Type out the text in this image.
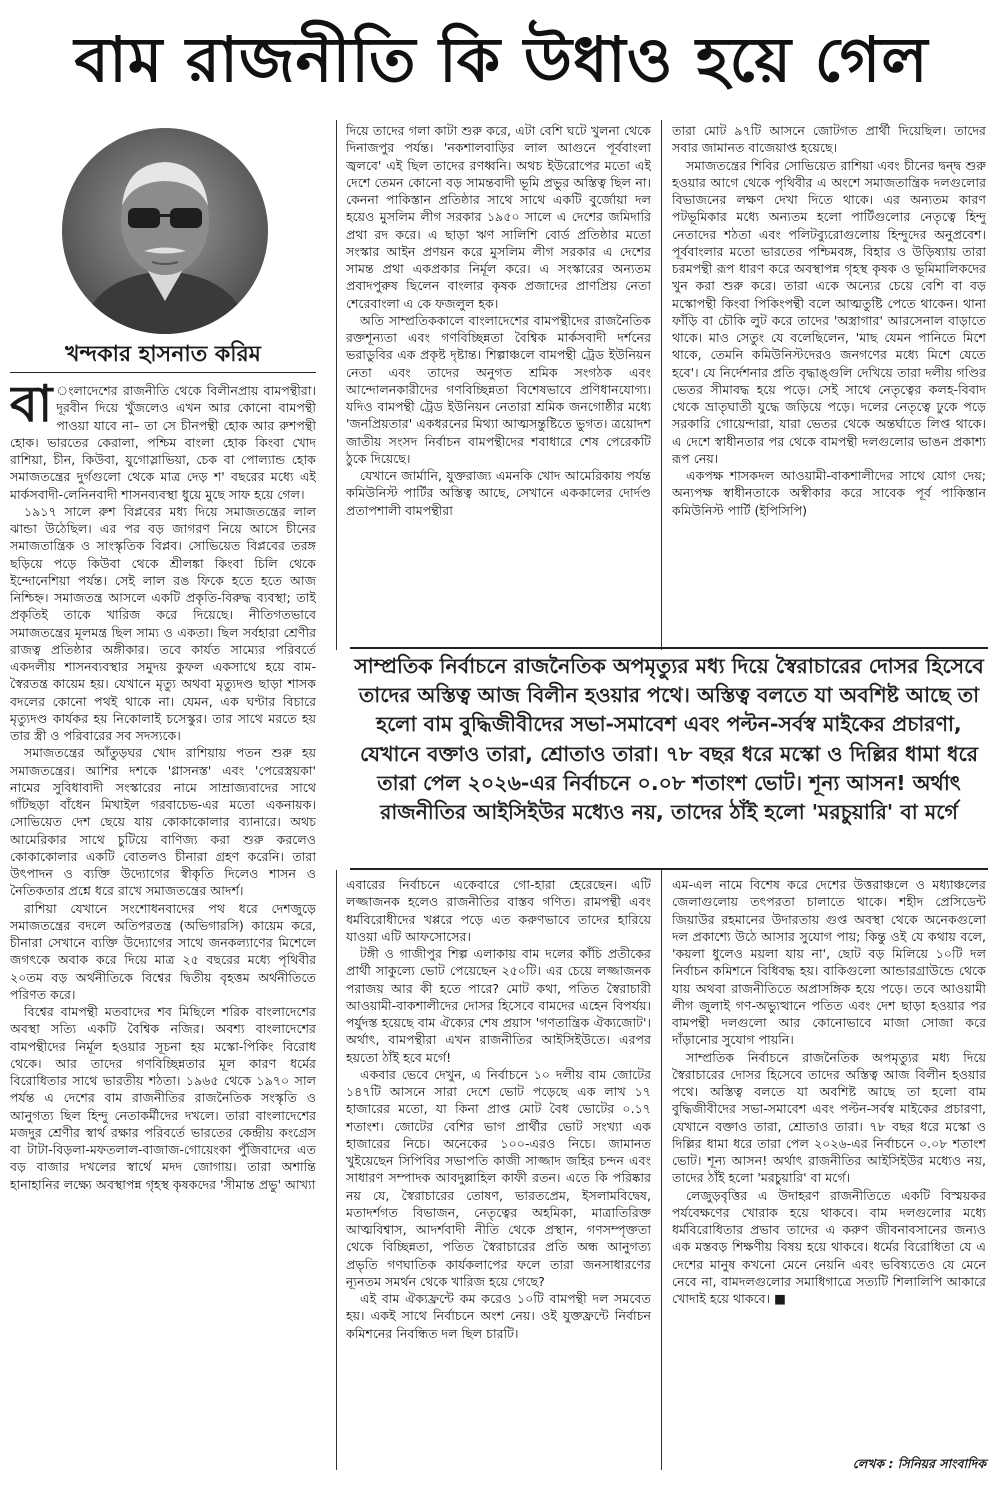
বাম রাজনীতি কি উধাও হয়ে গেল

খন্দকার হাসনাত করিম

বা ংলাদেশের রাজনীতি থেকে বিলীনপ্রায় বামপন্থীরা। দূরবীন দিয়ে খুঁজলেও এখন আর কোনো বামপন্থী পাওয়া যাবে না– তা সে চীনপন্থী হোক আর রুশপন্থী হোক। ভারতের কেরালা, পশ্চিম বাংলা হোক কিংবা খোদ রাশিয়া, চীন, কিউবা, যুগোস্লাভিয়া, চেক বা পোল্যান্ড হোক সমাজতন্ত্রের দুর্গগুলো থেকে মাত্র দেড় শ' বছরের মধ্যে এই মার্কসবাদী-লেনিনবাদী শাসনব্যবস্থা ধুয়ে মুছে সাফ হয়ে গেল।

১৯১৭ সালে রুশ বিপ্লবের মধ্য দিয়ে সমাজতন্ত্রের লাল ঝান্ডা উঠেছিল। এর পর বড় জাগরণ নিয়ে আসে চীনের সমাজতান্ত্রিক ও সাংস্কৃতিক বিপ্লব। সোভিয়েত বিপ্লবের তরঙ্গ ছড়িয়ে পড়ে কিউবা থেকে শ্রীলঙ্কা কিংবা চিলি থেকে ইন্দোনেশিয়া পর্যন্ত। সেই লাল রঙ ফিকে হতে হতে আজ নিশ্চিহ্ন। সমাজতন্ত্র আসলে একটি প্রকৃতি-বিরুদ্ধ ব্যবস্থা; তাই প্রকৃতিই তাকে খারিজ করে দিয়েছে। নীতিগতভাবে সমাজতন্ত্রের মূলমন্ত্র ছিল সাম্য ও একতা। ছিল সর্বহারা শ্রেণীর রাজত্ব প্রতিষ্ঠার অঙ্গীকার। তবে কার্যত সাম্যের পরিবর্তে একদলীয় শাসনব্যবস্থার সমুদয় কুফল একসাথে হয়ে বাম-স্বৈরতন্ত্র কায়েম হয়। যেখানে মৃত্যু অথবা মৃত্যুদণ্ড ছাড়া শাসক বদলের কোনো পথই থাকে না। যেমন, এক ঘণ্টার বিচারে মৃত্যুদণ্ড কার্যকর হয় নিকোলাই চসেস্কুর। তার সাথে মরতে হয় তার স্ত্রী ও পরিবারের সব সদস্যকে।

সমাজতন্ত্রের আঁতুড়ঘর খোদ রাশিয়ায় পতন শুরু হয় সমাজতন্ত্রের। আশির দশকে 'গ্লাসনস্ত' এবং 'পেরেস্ত্রয়কা' নামের সুবিধাবাদী সংস্কারের নামে সাম্রাজ্যবাদের সাথে গাঁটছড়া বাঁধেন মিখাইল গরবাচেভ-এর মতো একনায়ক। সোভিয়েত দেশ ছেয়ে যায় কোকাকোলার ব্যানারে। অথচ আমেরিকার সাথে চুটিয়ে বাণিজ্য করা শুরু করলেও কোকাকোলার একটি বোতলও চীনারা গ্রহণ করেনি। তারা উৎপাদন ও ব্যক্তি উদ্যোগের স্বীকৃতি দিলেও শাসন ও নৈতিকতার প্রশ্নে ধরে রাখে সমাজতন্ত্রের আদর্শ।

রাশিয়া যেখানে সংশোধনবাদের পথ ধরে দেশজুড়ে সমাজতন্ত্রের বদলে অতিপরতন্ত্র (অভিগারসি) কায়েম করে, চীনারা সেখানে ব্যক্তি উদ্যোগের সাথে জনকল্যাণের মিশেলে জগৎকে অবাক করে দিয়ে মাত্র ২৫ বছরের মধ্যে পৃথিবীর ২০তম বড় অর্থনীতিকে বিশ্বের দ্বিতীয় বৃহত্তম অর্থনীতিতে পরিণত করে।

বিশ্বের বামপন্থী মতবাদের শব মিছিলে শরিক বাংলাদেশের অবস্থা সত্যি একটি বৈশ্বিক নজির। অবশ্য বাংলাদেশের বামপন্থীদের নির্মূল হওয়ার সূচনা হয় মস্কো-পিকিং বিরোধ থেকে। আর তাদের গণবিচ্ছিন্নতার মূল কারণ ধর্মের বিরোধিতার সাথে ভারতীয় শঠতা। ১৯৬৫ থেকে ১৯৭০ সাল পর্যন্ত এ দেশের বাম রাজনীতির রাজনৈতিক সংস্কৃতি ও আনুগত্য ছিল হিন্দু নেতাকর্মীদের দখলে। তারা বাংলাদেশের মজদুর শ্রেণীর স্বার্থ রক্ষার পরিবর্তে ভারতের কেন্দ্রীয় কংগ্রেস বা টাটা-বিড়লা-মফতলাল-বাজাজ-গোয়েংকা পুঁজিবাদের এত বড় বাজার দখলের স্বার্থে মদদ জোগায়। তারা অশান্তি হানাহানির লক্ষ্যে অবস্থাপন্ন গৃহস্থ কৃষকদের 'সীমান্ত প্রভু' আখ্যা

দিয়ে তাদের গলা কাটা শুরু করে, এটা বেশি ঘটে খুলনা থেকে দিনাজপুর পর্যন্ত। 'নকশালবাড়ির লাল আগুনে পূর্ববাংলা জ্বলবে' এই ছিল তাদের রণধ্বনি। অথচ ইউরোপের মতো এই দেশে তেমন কোনো বড় সামন্তবাদী ভূমি প্রভুর অস্তিত্ব ছিল না। কেননা পাকিস্তান প্রতিষ্ঠার সাথে সাথে একটি বুর্জোয়া দল হয়েও মুসলিম লীগ সরকার ১৯৫০ সালে এ দেশের জমিদারি প্রথা রদ করে। এ ছাড়া ঋণ সালিশি বোর্ড প্রতিষ্ঠার মতো সংস্কার আইন প্রণয়ন করে মুসলিম লীগ সরকার এ দেশের সামন্ত প্রথা একপ্রকার নির্মূল করে। এ সংস্কারের অন্যতম প্রবাদপুরুষ ছিলেন বাংলার কৃষক প্রজাদের প্রাণপ্রিয় নেতা শেরেবাংলা এ কে ফজলুল হক।

অতি সাম্প্রতিককালে বাংলাদেশের বামপন্থীদের রাজনৈতিক রক্তশূন্যতা এবং গণবিচ্ছিন্নতা বৈশ্বিক মার্কসবাদী দর্শনের ভরাডুবির এক প্রকৃষ্ট দৃষ্টান্ত। শিল্পাঞ্চলে বামপন্থী ট্রেড ইউনিয়ন নেতা এবং তাদের অনুগত শ্রমিক সংগঠক এবং আন্দোলনকারীদের গণবিচ্ছিন্নতা বিশেষভাবে প্রণিধানযোগ্য। যদিও বামপন্থী ট্রেড ইউনিয়ন নেতারা শ্রমিক জনগোষ্ঠীর মধ্যে 'জনপ্রিয়তার' একধরনের মিথ্যা আত্মসন্তুষ্টিতে ভুগত। ত্রয়োদশ জাতীয় সংসদ নির্বাচন বামপন্থীদের শবাধারে শেষ পেরেকটি ঠুকে দিয়েছে।

যেখানে জার্মানি, যুক্তরাজ্য এমনকি খোদ আমেরিকায় পর্যন্ত কমিউনিস্ট পার্টির অস্তিত্ব আছে, সেখানে এককালের দোর্দণ্ড প্রতাপশালী বামপন্থীরা

তারা মোট ৯৭টি আসনে জোটগত প্রার্থী দিয়েছিল। তাদের সবার জামানত বাজেয়াপ্ত হয়েছে।

সমাজতন্ত্রের শিবির সোভিয়েত রাশিয়া এবং চীনের দ্বন্দ্ব শুরু হওয়ার আগে থেকে পৃথিবীর এ অংশে সমাজতান্ত্রিক দলগুলোর বিভাজনের লক্ষণ দেখা দিতে থাকে। এর অন্যতম কারণ পটভূমিকার মধ্যে অন্যতম হলো পার্টিগুলোর নেতৃত্বে হিন্দু নেতাদের শঠতা এবং পলিটব্যুরোগুলোয় হিন্দুদের অনুপ্রবেশ। পূর্ববাংলার মতো ভারতের পশ্চিমবঙ্গ, বিহার ও উড়িষ্যায় তারা চরমপন্থী রূপ ধারণ করে অবস্থাপন্ন গৃহস্থ কৃষক ও ভূমিমালিকদের খুন করা শুরু করে। তারা একে অন্যের চেয়ে বেশি বা বড় মস্কোপন্থী কিংবা পিকিংপন্থী বলে আত্মতুষ্টি পেতে থাকেন। থানা ফাঁড়ি বা চৌকি লুট করে তাদের 'অস্ত্রাগার' আরসেনাল বাড়াতে থাকে। মাও সেতুং যে বলেছিলেন, 'মাছ যেমন পানিতে মিশে থাকে, তেমনি কমিউনিস্টদেরও জনগণের মধ্যে মিশে যেতে হবে'। যে নির্দেশনার প্রতি বৃদ্ধাঙ্গুলি দেখিয়ে তারা দলীয় গণ্ডির ভেতর সীমাবদ্ধ হয়ে পড়ে। সেই সাথে নেতৃত্বের কলহ-বিবাদ থেকে ভ্রাতৃঘাতী যুদ্ধে জড়িয়ে পড়ে। দলের নেতৃত্বে ঢুকে পড়ে সরকারি গোয়েন্দারা, যারা ভেতর থেকে অন্তর্ঘাতে লিপ্ত থাকে। এ দেশে স্বাধীনতার পর থেকে বামপন্থী দলগুলোর ভাঙন প্রকাশ্য রূপ নেয়।

একপক্ষ শাসকদল আওয়ামী-বাকশালীদের সাথে যোগ দেয়; অন্যপক্ষ স্বাধীনতাকে অস্বীকার করে সাবেক পূর্ব পাকিস্তান কমিউনিস্ট পার্টি (ইপিসিপি)

সাম্প্রতিক নির্বাচনে রাজনৈতিক অপমৃত্যুর মধ্য দিয়ে স্বৈরাচারের দোসর হিসেবে তাদের অস্তিত্ব আজ বিলীন হওয়ার পথে। অস্তিত্ব বলতে যা অবশিষ্ট আছে তা হলো বাম বুদ্ধিজীবীদের সভা-সমাবেশ এবং পল্টন-সর্বস্ব মাইকের প্রচারণা, যেখানে বক্তাও তারা, শ্রোতাও তারা। ৭৮ বছর ধরে মস্কো ও দিল্লির ধামা ধরে তারা পেল ২০২৬-এর নির্বাচনে ০.০৮ শতাংশ ভোট। শূন্য আসন! অর্থাৎ রাজনীতির আইসিইউর মধ্যেও নয়, তাদের ঠাঁই হলো 'মরচুয়ারি' বা মর্গে

এবারের নির্বাচনে একেবারে গো-হারা হেরেছেন। এটি লজ্জাজনক হলেও রাজনীতির বাস্তব গণিত। রামপন্থী এবং ধর্মবিরোধীদের খপ্পরে পড়ে এত করুণভাবে তাদের হারিয়ে যাওয়া এটি আফসোসের।

টঙ্গী ও গাজীপুর শিল্প এলাকায় বাম দলের কাঁচি প্রতীকের প্রার্থী সাকুল্যে ভোট পেয়েছেন ২৫০টি। এর চেয়ে লজ্জাজনক পরাজয় আর কী হতে পারে? মোট কথা, পতিত স্বৈরাচারী আওয়ামী-বাকশালীদের দোসর হিসেবে বামদের এহেন বিপর্যয়। পর্যুদস্ত হয়েছে বাম ঐক্যের শেষ প্রয়াস 'গণতান্ত্রিক ঐক্যজোট'। অর্থাৎ, বামপন্থীরা এখন রাজনীতির আইসিইউতে। এরপর হয়তো ঠাঁই হবে মর্গে!

একবার ভেবে দেখুন, এ নির্বাচনে ১০ দলীয় বাম জোটের ১৪৭টি আসনে সারা দেশে ভোট পড়েছে এক লাখ ১৭ হাজারের মতো, যা কিনা প্রাপ্ত মোট বৈধ ভোটের ০.১৭ শতাংশ। জোটের বেশির ভাগ প্রার্থীর ভোট সংখ্যা এক হাজারের নিচে। অনেকের ১০০-এরও নিচে। জামানত খুইয়েছেন সিপিবির সভাপতি কাজী সাজ্জাদ জহির চন্দন এবং সাধারণ সম্পাদক আবদুল্লাহিল কাফী রতন। এতে কি পরিষ্কার নয় যে, স্বৈরাচারের তোষণ, ভারতপ্রেম, ইসলামবিদ্বেষ, মতাদর্শগত বিভাজন, নেতৃত্বের অহমিকা, মাত্রাতিরিক্ত আত্মবিশ্বাস, আদর্শবাদী নীতি থেকে প্রস্থান, গণসম্পৃক্ততা থেকে বিচ্ছিন্নতা, পতিত স্বৈরাচারের প্রতি অন্ধ আনুগত্য প্রভৃতি গণঘাতিক কার্যকলাপের ফলে তারা জনসাধারণের ন্যূনতম সমর্থন থেকে খারিজ হয়ে গেছে?

এই বাম ঐক্যফ্রন্টে কম করেও ১০টি বামপন্থী দল সমবেত হয়। একই সাথে নির্বাচনে অংশ নেয়। ওই যুক্তফ্রন্টে নির্বাচন কমিশনের নিবন্ধিত দল ছিল চারটি।

এম-এল নামে বিশেষ করে দেশের উত্তরাঞ্চলে ও মধ্যাঞ্চলের জেলাগুলোয় তৎপরতা চালাতে থাকে। শহীদ প্রেসিডেন্ট জিয়াউর রহমানের উদারতায় গুপ্ত অবস্থা থেকে অনেকগুলো দল প্রকাশ্যে উঠে আসার সুযোগ পায়; কিন্তু ওই যে কথায় বলে, 'কয়লা ধুলেও ময়লা যায় না', ছোট বড় মিলিয়ে ১০টি দল নির্বাচন কমিশনে বিধিবদ্ধ হয়। বাকিগুলো আন্ডারগ্রাউন্ডে থেকে যায় অথবা রাজনীতিতে অপ্রাসঙ্গিক হয়ে পড়ে। তবে আওয়ামী লীগ জুলাই গণ-অভ্যুত্থানে পতিত এবং দেশ ছাড়া হওয়ার পর বামপন্থী দলগুলো আর কোনোভাবে মাজা সোজা করে দাঁড়ানোর সুযোগ পায়নি।

সাম্প্রতিক নির্বাচনে রাজনৈতিক অপমৃত্যুর মধ্য দিয়ে স্বৈরাচারের দোসর হিসেবে তাদের অস্তিত্ব আজ বিলীন হওয়ার পথে। অস্তিত্ব বলতে যা অবশিষ্ট আছে তা হলো বাম বুদ্ধিজীবীদের সভা-সমাবেশ এবং পল্টন-সর্বস্ব মাইকের প্রচারণা, যেখানে বক্তাও তারা, শ্রোতাও তারা। ৭৮ বছর ধরে মস্কো ও দিল্লির ধামা ধরে তারা পেল ২০২৬-এর নির্বাচনে ০.০৮ শতাংশ ভোট। শূন্য আসন! অর্থাৎ রাজনীতির আইসিইউর মধ্যেও নয়, তাদের ঠাঁই হলো 'মরচুয়ারি' বা মর্গে।

লেজুড়বৃত্তির এ উদাহরণ রাজনীতিতে একটি বিস্ময়কর পর্যবেক্ষণের খোরাক হয়ে থাকবে। বাম দলগুলোর মধ্যে ধর্মবিরোধিতার প্রভাব তাদের এ করুণ জীবনাবসানের জন্যও এক মস্তবড় শিক্ষণীয় বিষয় হয়ে থাকবে। ধর্মের বিরোধিতা যে এ দেশের মানুষ কখনো মেনে নেয়নি এবং ভবিষ্যতেও যে মেনে নেবে না, বামদলগুলোর সমাধিগাত্রে সত্যটি শিলালিপি আকারে খোদাই হয়ে থাকবে। ■

লেখক : সিনিয়র সাংবাদিক
